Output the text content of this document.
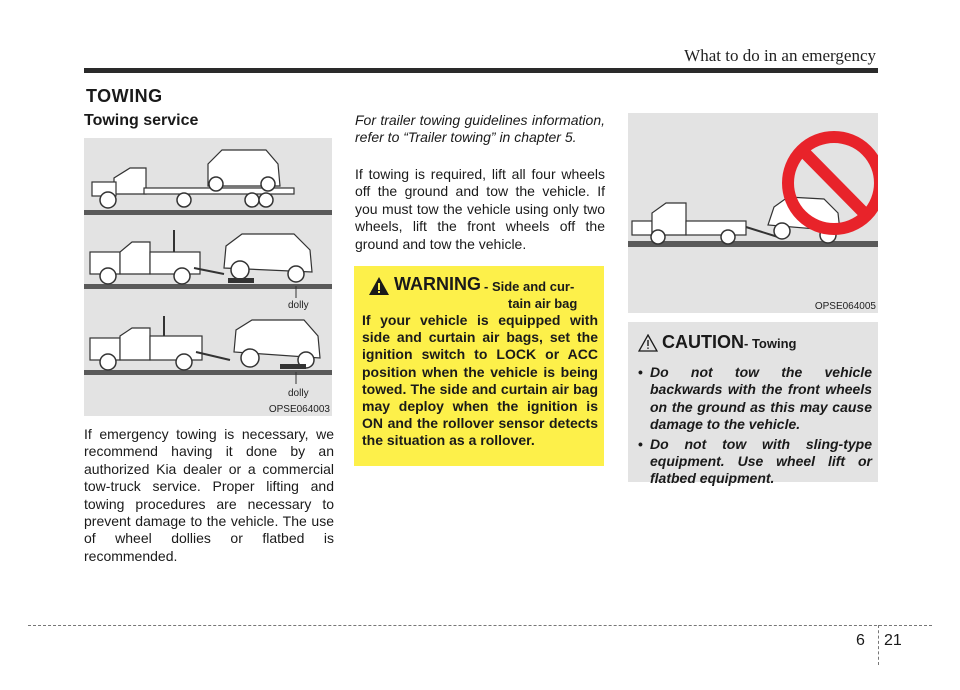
What to do in an emergency
TOWING
Towing service
dolly
dolly
OPSE064003
If emergency towing is necessary, we recommend having it done by an authorized Kia dealer or a commercial tow-truck service. Proper lifting and towing procedures are necessary to prevent damage to the vehicle. The use of wheel dollies or flatbed is recommended.
For trailer towing guidelines information, refer to “Trailer towing” in chapter 5.
If towing is required, lift all four wheels off the ground and tow the vehicle. If you must tow the vehicle using only two wheels, lift the front wheels off the ground and tow the vehicle.
WARNING - Side and cur-
tain air bag
If your vehicle is equipped with side and curtain air bags, set the ignition switch to LOCK or ACC position when the vehicle is being towed. The side and curtain air bag may deploy when the ignition is ON and the rollover sensor detects the situation as a rollover.
OPSE064005
CAUTION - Towing
• Do not tow the vehicle backwards with the front wheels on the ground as this may cause damage to the vehicle.
• Do not tow with sling-type equipment. Use wheel lift or flatbed equipment.
6 21
